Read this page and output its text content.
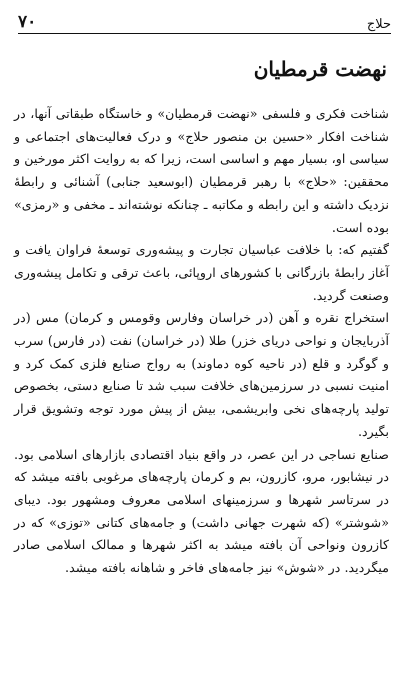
۷۰	حلاج
نهضت قرمطیان

شناخت فکری و فلسفی «نهضت قرمطیان» و خاستگاه طبقاتی آنها، در شناخت افکار «حسین بن منصور حلاج» و درک فعالیت‌های اجتماعی و سیاسی او، بسیار مهم و اساسی است، زیرا که به روایت اکثر مورخین و محققین: «حلاج» با رهبر قرمطیان (ابوسعید جنابی) آشنائی و رابطهٔ نزدیک داشته و این رابطه و مکاتبه ـ چنانکه نوشته‌اند ـ مخفی و «رمزی» بوده است.

گفتیم که: با خلافت عباسیان تجارت و پیشه‌وری توسعهٔ فراوان یافت و آغاز رابطهٔ بازرگانی با کشورهای اروپائی، باعث ترقی و تکامل پیشه‌وری وصنعت گردید.

استخراج نقره و آهن (در خراسان وفارس وقومس و کرمان) مس (در آذربایجان و نواحی دریای خزر) طلا (در خراسان) نفت (در فارس) سرب و گوگرد و قلع (در ناحیه کوه دماوند) به رواج صنایع فلزی کمک کرد و امنیت نسبی در سرزمین‌های خلافت سبب شد تا صنایع دستی، بخصوص تولید پارچه‌های نخی وابریشمی، بیش از پیش مورد توجه وتشویق قرار بگیرد.

صنایع نساجی در این عصر، در واقع بنیاد اقتصادی بازارهای اسلامی بود. در نیشابور، مرو، کازرون، بم و کرمان پارچه‌های مرغوبی بافته میشد که در سرتاسر شهرها و سرزمینهای اسلامی معروف ومشهور بود. دیبای «شوشتر» (که شهرت جهانی داشت) و جامه‌های کتانی «توزی» که در کازرون ونواحی آن بافته میشد به اکثر شهرها و ممالک اسلامی صادر میگردید. در «شوش» نیز جامه‌های فاخر و شاهانه بافته میشد.
